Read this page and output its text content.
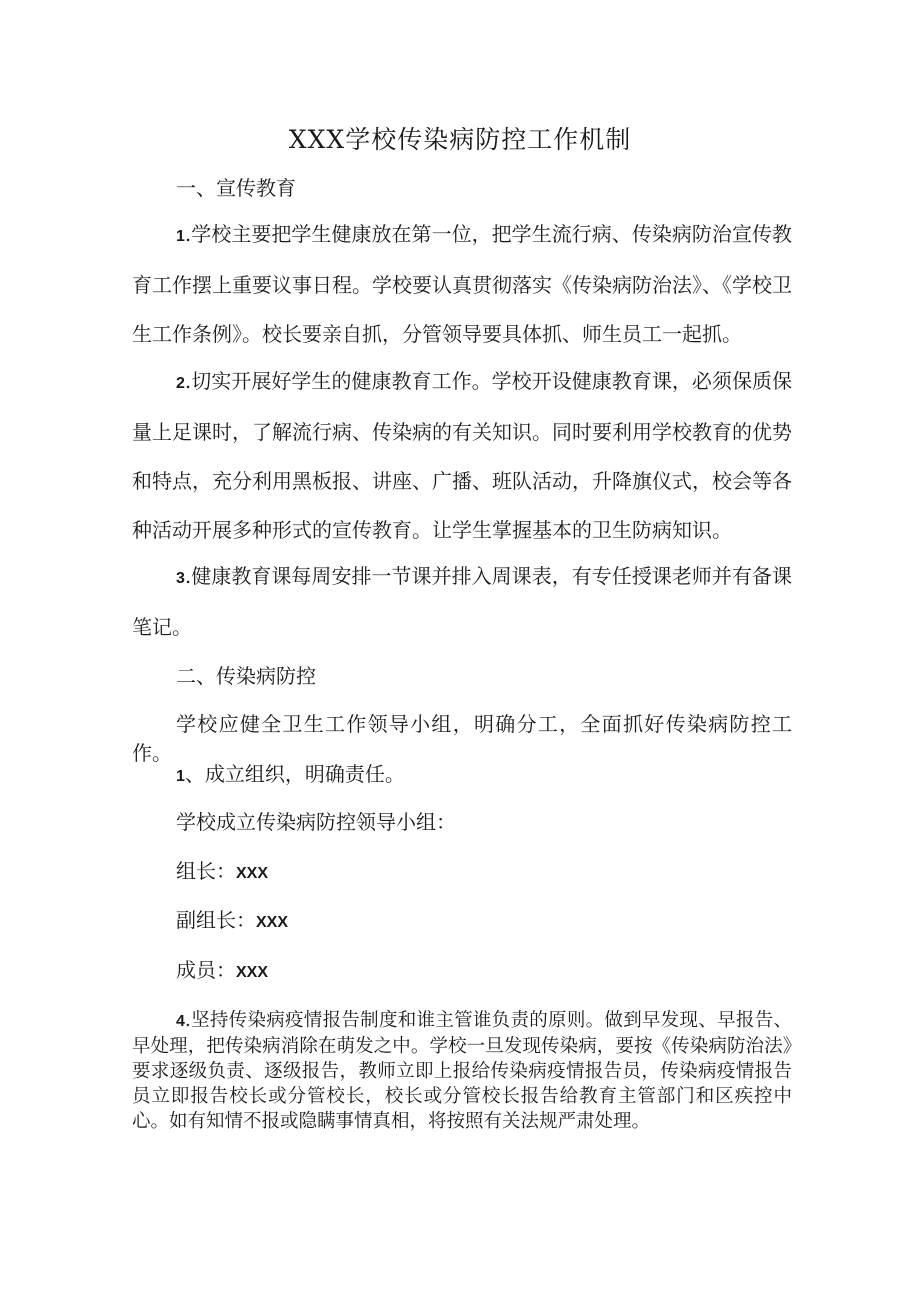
XXX学校传染病防控工作机制

一、宣传教育

1.学校主要把学生健康放在第一位，把学生流行病、传染病防治宣传教育工作摆上重要议事日程。学校要认真贯彻落实《传染病防治法》、《学校卫生工作条例》。校长要亲自抓，分管领导要具体抓、师生员工一起抓。

2.切实开展好学生的健康教育工作。学校开设健康教育课，必须保质保量上足课时，了解流行病、传染病的有关知识。同时要利用学校教育的优势和特点，充分利用黑板报、讲座、广播、班队活动，升降旗仪式，校会等各种活动开展多种形式的宣传教育。让学生掌握基本的卫生防病知识。

3.健康教育课每周安排一节课并排入周课表，有专任授课老师并有备课笔记。

二、传染病防控

学校应健全卫生工作领导小组，明确分工，全面抓好传染病防控工作。

1、成立组织，明确责任。

学校成立传染病防控领导小组：

组长：XXX

副组长：XXX

成员：XXX

4.坚持传染病疫情报告制度和谁主管谁负责的原则。做到早发现、早报告、早处理，把传染病消除在萌发之中。学校一旦发现传染病，要按《传染病防治法》要求逐级负责、逐级报告，教师立即上报给传染病疫情报告员，传染病疫情报告员立即报告校长或分管校长，校长或分管校长报告给教育主管部门和区疾控中心。如有知情不报或隐瞒事情真相，将按照有关法规严肃处理。
